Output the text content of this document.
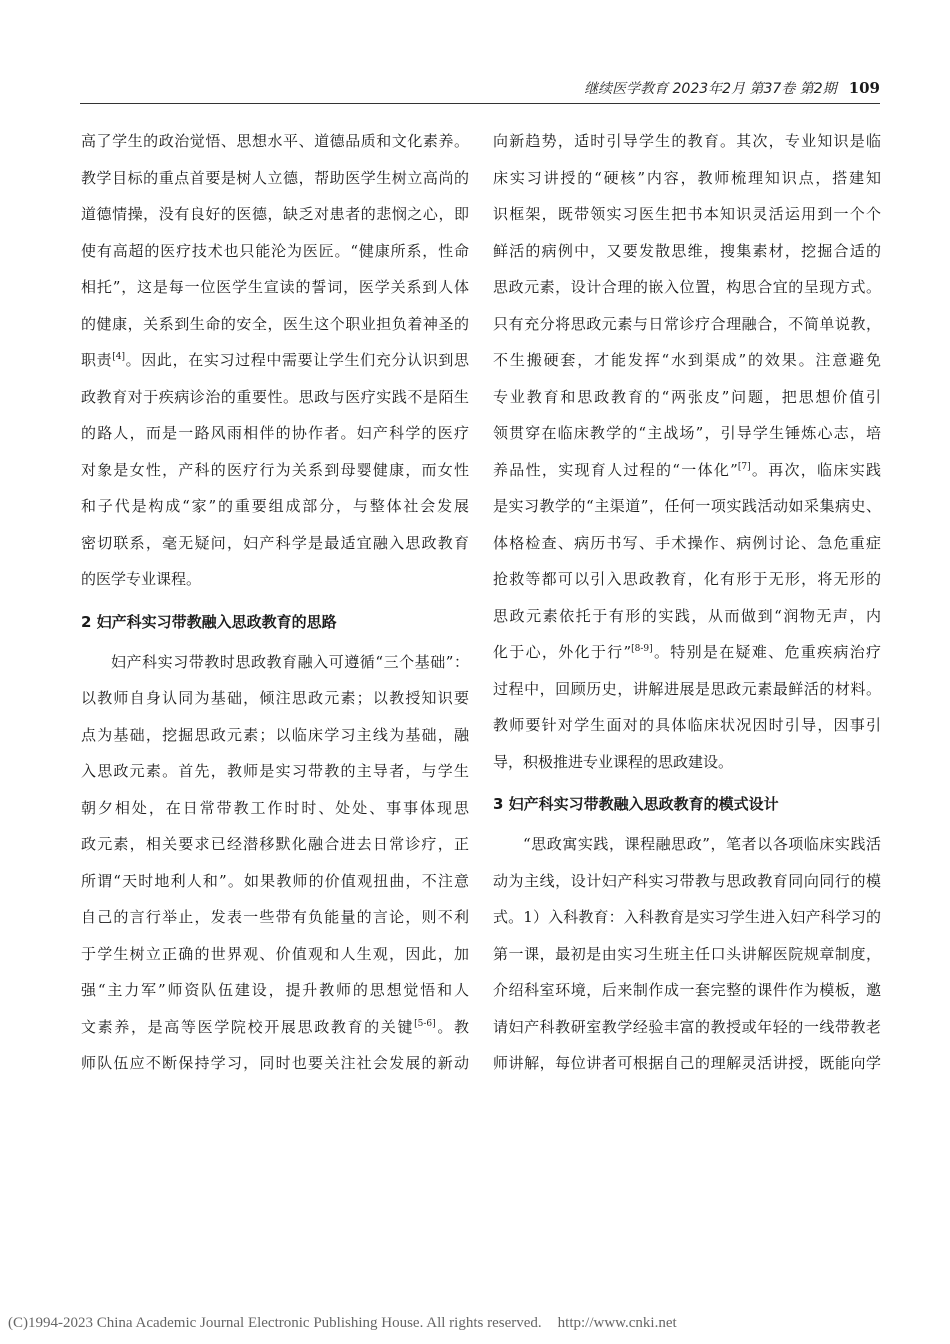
继续医学教育 2023年2月 第37卷 第2期 109
高了学生的政治觉悟、思想水平、道德品质和文化素养。
教学目标的重点首要是树人立德，帮助医学生树立高尚的
道德情操，没有良好的医德，缺乏对患者的悲悯之心，即
使有高超的医疗技术也只能沦为医匠。“健康所系，性命
相托”，这是每一位医学生宣读的誓词，医学关系到人体
的健康，关系到生命的安全，医生这个职业担负着神圣的
职责[4]。因此，在实习过程中需要让学生们充分认识到思
政教育对于疾病诊治的重要性。思政与医疗实践不是陌生
的路人，而是一路风雨相伴的协作者。妇产科学的医疗
对象是女性，产科的医疗行为关系到母婴健康，而女性
和子代是构成“家”的重要组成部分，与整体社会发展
密切联系，毫无疑问，妇产科学是最适宜融入思政教育
的医学专业课程。
2 妇产科实习带教融入思政教育的思路
妇产科实习带教时思政教育融入可遵循“三个基础”：
以教师自身认同为基础，倾注思政元素；以教授知识要
点为基础，挖掘思政元素；以临床学习主线为基础，融
入思政元素。首先，教师是实习带教的主导者，与学生
朝夕相处，在日常带教工作时时、处处、事事体现思
政元素，相关要求已经潜移默化融合进去日常诊疗，正
所谓“天时地利人和”。如果教师的价值观扭曲，不注意
自己的言行举止，发表一些带有负能量的言论，则不利
于学生树立正确的世界观、价值观和人生观，因此，加
强“主力军”师资队伍建设，提升教师的思想觉悟和人
文素养，是高等医学院校开展思政教育的关键[5-6]。教
师队伍应不断保持学习，同时也要关注社会发展的新动
向新趋势，适时引导学生的教育。其次，专业知识是临
床实习讲授的“硬核”内容，教师梳理知识点，搭建知
识框架，既带领实习医生把书本知识灵活运用到一个个
鲜活的病例中，又要发散思维，搜集素材，挖掘合适的
思政元素，设计合理的嵌入位置，构思合宜的呈现方式。
只有充分将思政元素与日常诊疗合理融合，不简单说教，
不生搬硬套，才能发挥“水到渠成”的效果。注意避免
专业教育和思政教育的“两张皮”问题，把思想价值引
领贯穿在临床教学的“主战场”，引导学生锤炼心志，培
养品性，实现育人过程的“一体化”[7]。再次，临床实践
是实习教学的“主渠道”，任何一项实践活动如采集病史、
体格检查、病历书写、手术操作、病例讨论、急危重症
抢救等都可以引入思政教育，化有形于无形，将无形的
思政元素依托于有形的实践，从而做到“润物无声，内
化于心，外化于行”[8-9]。特别是在疑难、危重疾病治疗
过程中，回顾历史，讲解进展是思政元素最鲜活的材料。
教师要针对学生面对的具体临床状况因时引导，因事引
导，积极推进专业课程的思政建设。
3 妇产科实习带教融入思政教育的模式设计
“思政寓实践，课程融思政”，笔者以各项临床实践活
动为主线，设计妇产科实习带教与思政教育同向同行的模
式。1）入科教育：入科教育是实习学生进入妇产科学习的
第一课，最初是由实习生班主任口头讲解医院规章制度，
介绍科室环境，后来制作成一套完整的课件作为模板，邀
请妇产科教研室教学经验丰富的教授或年轻的一线带教老
师讲解，每位讲者可根据自己的理解灵活讲授，既能向学
(C)1994-2023 China Academic Journal Electronic Publishing House. All rights reserved. http://www.cnki.net
